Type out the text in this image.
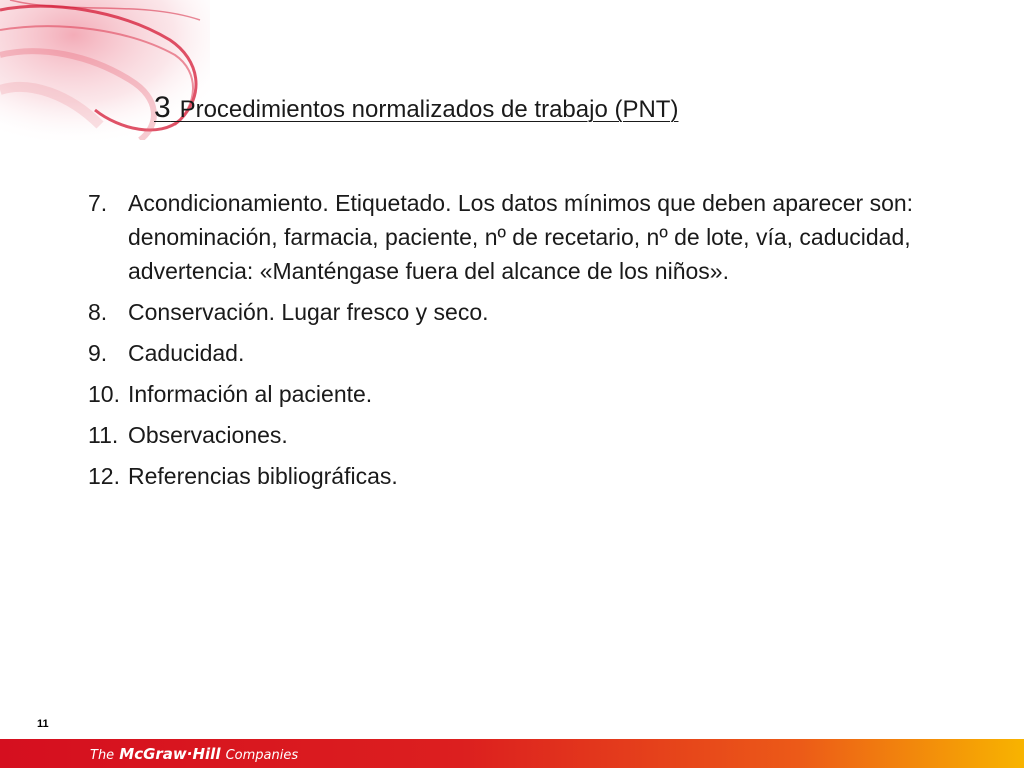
3 Procedimientos normalizados de trabajo (PNT)
7. Acondicionamiento. Etiquetado. Los datos mínimos que deben aparecer son: denominación, farmacia, paciente, nº de recetario, nº de lote, vía, caducidad, advertencia: «Manténgase fuera del alcance de los niños».
8. Conservación. Lugar fresco y seco.
9. Caducidad.
10. Información al paciente.
11. Observaciones.
12. Referencias bibliográficas.
11
The McGraw·Hill Companies
